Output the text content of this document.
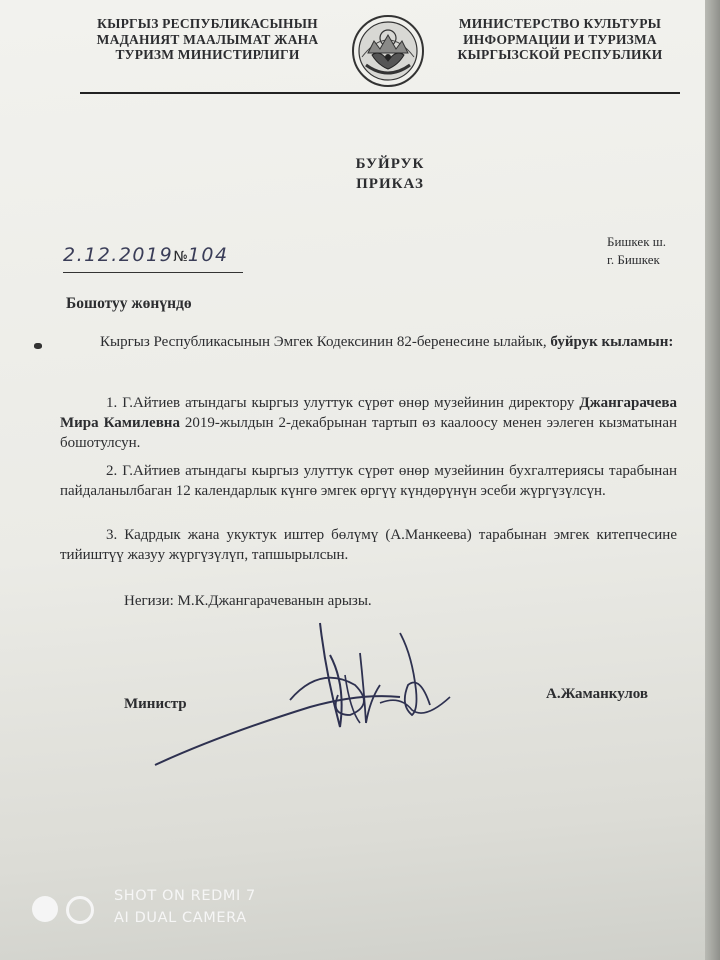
КЫРГЫЗ РЕСПУБЛИКАСЫНЫН
МАДАНИЯТ МААЛЫМАТ ЖАНА
ТУРИЗМ МИНИСТИРЛИГИ
МИНИСТЕРСТВО КУЛЬТУРЫ
ИНФОРМАЦИИ И ТУРИЗМА
КЫРГЫЗСКОЙ РЕСПУБЛИКИ
БУЙРУК
ПРИКАЗ
2.12.2019№104
Бишкек ш.
г. Бишкек
Бошотуу жөнүндө
Кыргыз Республикасынын Эмгек Кодексинин 82-беренесине ылайык, буйрук кыламын:
1. Г.Айтиев атындагы кыргыз улуттук сүрөт өнөр музейинин директору Джангарачева Мира Камилевна 2019-жылдын 2-декабрынан тартып өз каалоосу менен ээлеген кызматынан бошотулсун.
2. Г.Айтиев атындагы кыргыз улуттук сүрөт өнөр музейинин бухгалтериясы тарабынан пайдаланылбаган 12 календарлык күнгө эмгек өргүү күндөрүнүн эсеби жүргүзүлсүн.
3. Кадрдык жана укуктук иштер бөлүмү (А.Манкеева) тарабынан эмгек китепчесине тийиштүү жазуу жүргүзүлүп, тапшырылсын.
Негизи: М.К.Джангарачеванын арызы.
Министр
А.Жаманкулов
SHOT ON REDMI 7
AI DUAL CAMERA
